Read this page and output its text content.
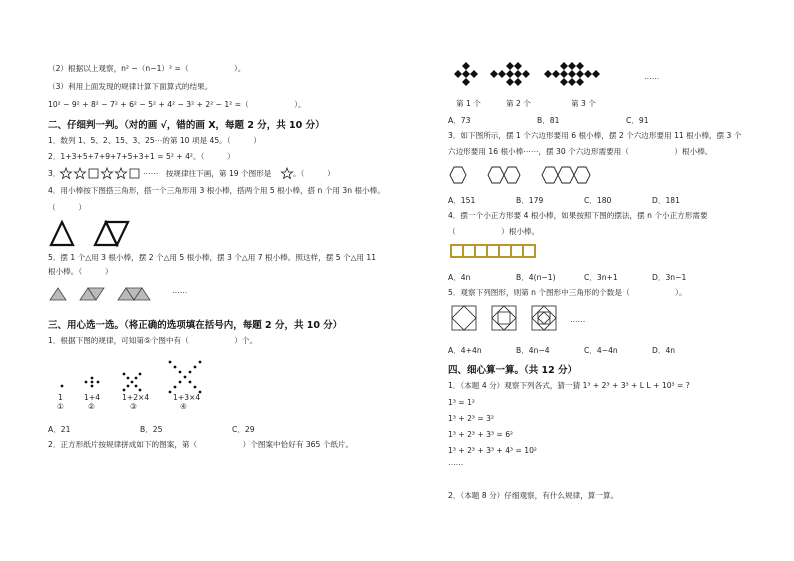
（2）根据以上观察，n² −（n−1）² =（　　　　　　）。
（3）利用上面发现的规律计算下面算式的结果。
10² − 9² + 8² − 7² + 6² − 5² + 4² − 3² + 2² − 1² =（　　　　　　）。
二、仔细判一判。（对的画 √，错的画 X，每题 2 分，共 10 分）
1．数列 1、5、2、15、3、25⋯的第 10 项是 45。（　　　）
2．1+3+5+7+9+7+5+3+1 = 5² + 4²。（　　　）
3．	⋯⋯　按规律往下画，第 19 个图形是	。（　　　）
4．用小棒按下图搭三角形，搭一个三角形用 3 根小棒，搭两个用 5 根小棒，搭 n 个用 3n 根小棒。
（　　　）
5．摆 1 个△用 3 根小棒，摆 2 个△用 5 根小棒，摆 3 个△用 7 根小棒。照这样，摆 5 个△用 11
根小棒。（　　　）
⋯⋯
三、用心选一选。（将正确的选项填在括号内，每题 2 分，共 10 分）
1．根据下图的规律，可知第⑤个图中有（　　　　　　）个。
1	1+4	1+2×4	1+3×4
①	②	③	④
A．21	B．25	C．29
2．正方形纸片按规律拼成如下的图案，第（　　　　　　）个图案中恰好有 365 个纸片。
⋯⋯
第 1 个	第 2 个	第 3 个
A．73	B．81	C．91
3．如下图所示，摆 1 个六边形要用 6 根小棒，摆 2 个六边形要用 11 根小棒，摆 3 个
六边形要用 16 根小棒⋯⋯，摆 30 个六边形需要用（　　　　　　）根小棒。
A．151	B．179	C．180	D．181
4．摆一个小正方形要 4 根小棒，如果按照下图的摆法，摆 n 个小正方形需要
（　　　　　　）根小棒。
A．4n	B．4(n−1)	C．3n+1	D．3n−1
5．观察下列图形，则第 n 个图形中三角形的个数是（　　　　　　）。
⋯⋯
A．4+4n	B．4n−4	C．4−4n	D．4n
四、细心算一算。（共 12 分）
1．（本题 4 分）观察下列各式，猜一猜 1³ + 2³ + 3³ + L L + 10³ = ?
1³ = 1²
1³ + 2³ = 3²
1³ + 2³ + 3³ = 6²
1³ + 2³ + 3³ + 4³ = 10²
⋯⋯
2．（本题 8 分）仔细观察，有什么规律，算一算。
